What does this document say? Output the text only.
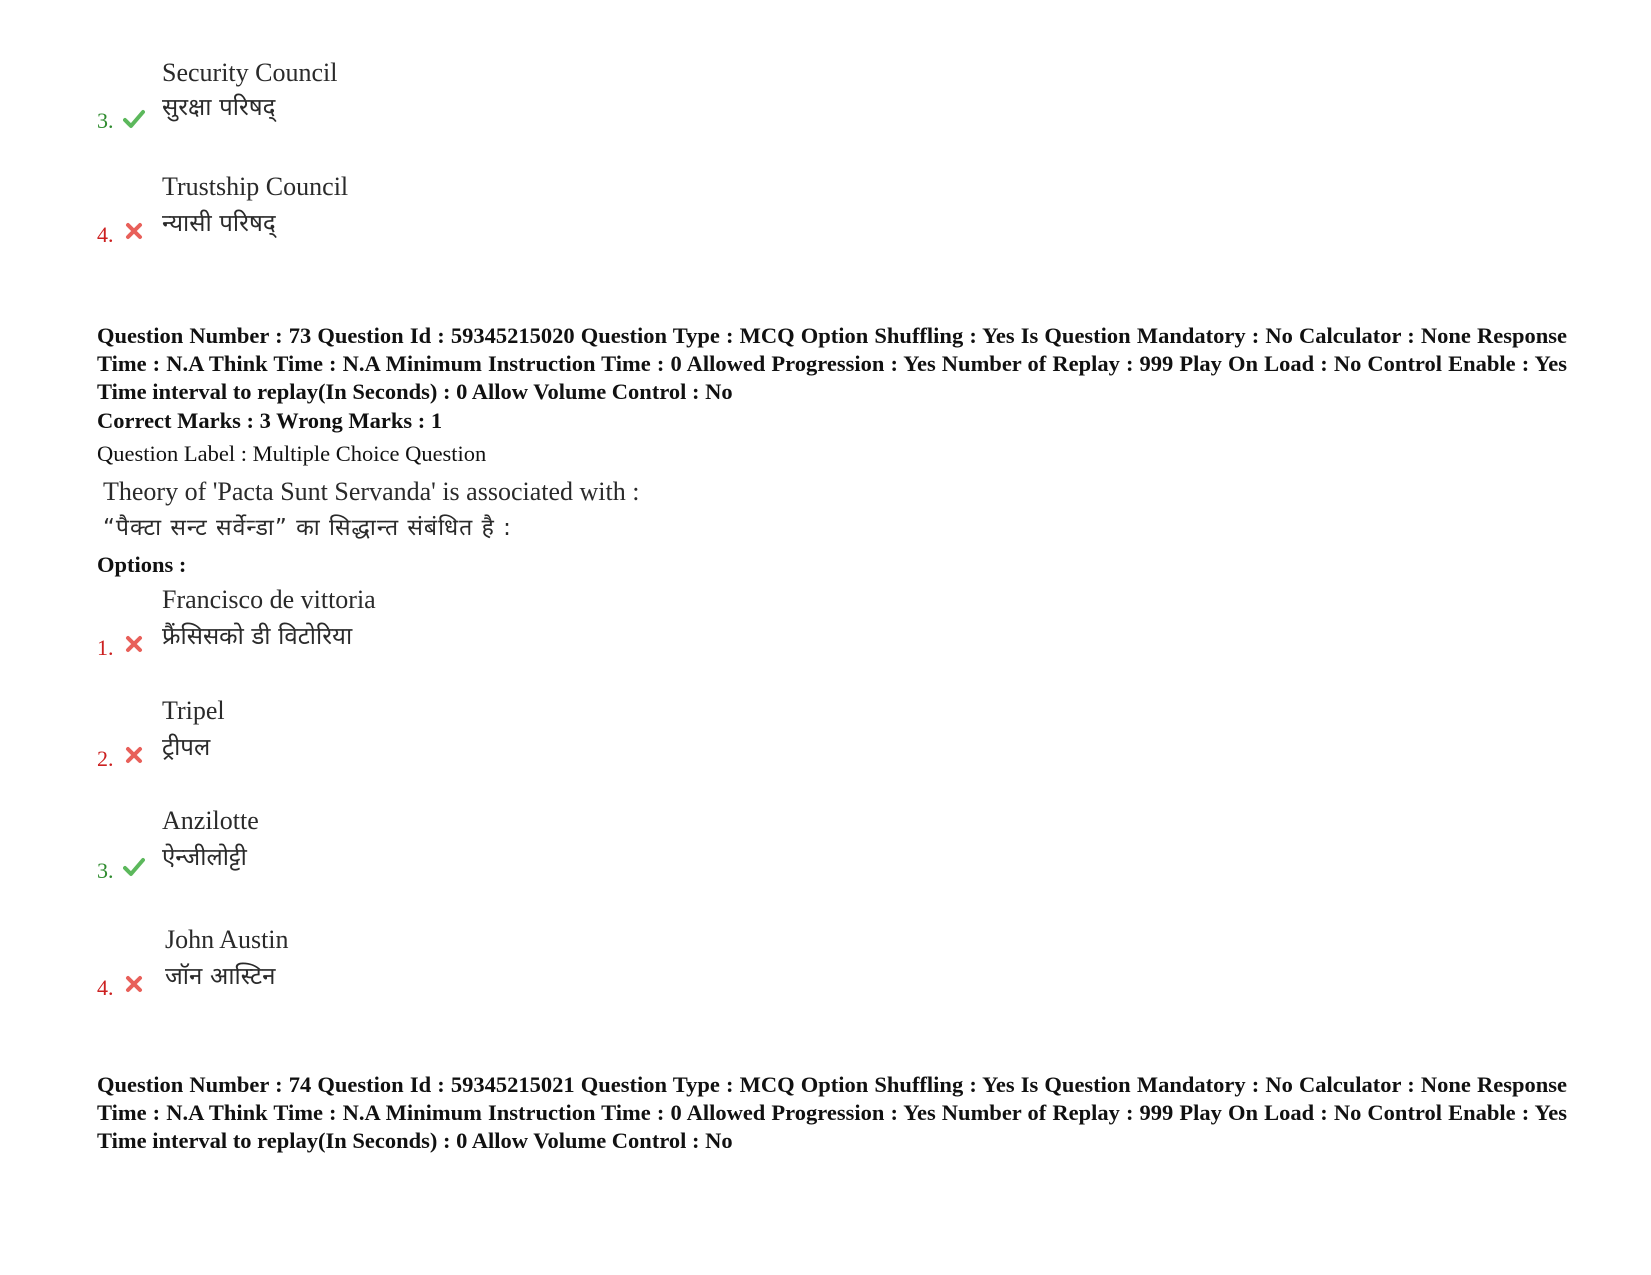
Security Council
सुरक्षा परिषद्
3.
Trustship Council
न्यासी परिषद्
4.
Question Number : 73 Question Id : 59345215020 Question Type : MCQ Option Shuffling : Yes Is Question Mandatory : No Calculator : None Response Time : N.A Think Time : N.A Minimum Instruction Time : 0 Allowed Progression : Yes Number of Replay : 999 Play On Load : No Control Enable : Yes Time interval to replay(In Seconds) : 0 Allow Volume Control : No
Correct Marks : 3 Wrong Marks : 1
Question Label : Multiple Choice Question
Theory of 'Pacta Sunt Servanda' is associated with :
“पैक्टा सन्ट सर्वेन्डा” का सिद्धान्त संबंधित है :
Options :
Francisco de vittoria
फ्रैंसिसको डी विटोरिया
1.
Tripel
ट्रीपल
2.
Anzilotte
ऐन्जीलोट्टी
3.
John Austin
जॉन आस्टिन
4.
Question Number : 74 Question Id : 59345215021 Question Type : MCQ Option Shuffling : Yes Is Question Mandatory : No Calculator : None Response Time : N.A Think Time : N.A Minimum Instruction Time : 0 Allowed Progression : Yes Number of Replay : 999 Play On Load : No Control Enable : Yes Time interval to replay(In Seconds) : 0 Allow Volume Control : No
